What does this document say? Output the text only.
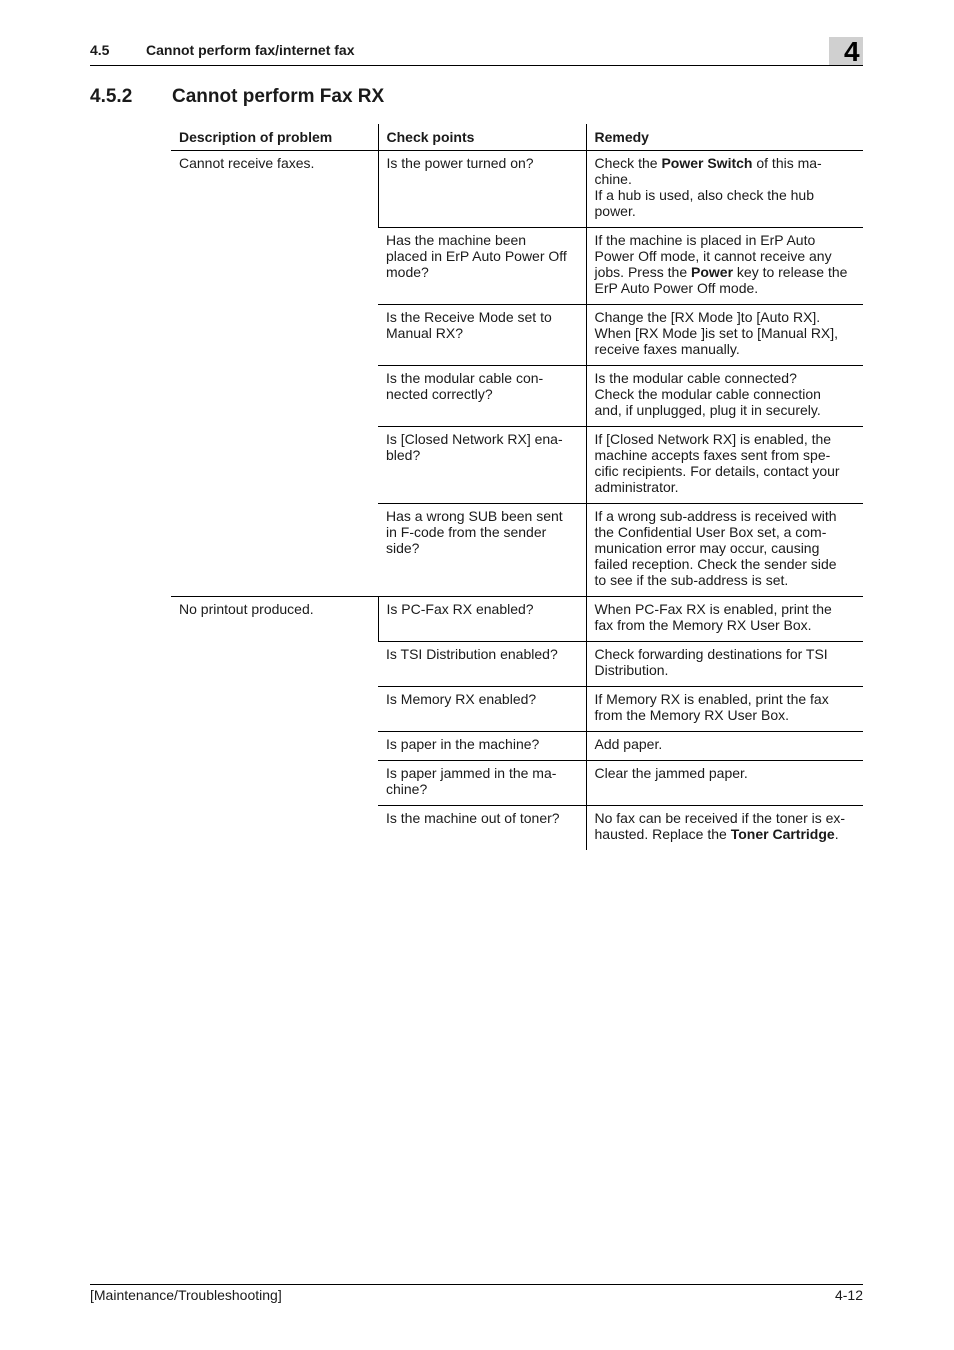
4.5	Cannot perform fax/internet fax	4
4.5.2 Cannot perform Fax RX
Description of problem	Check points	Remedy
Cannot receive faxes.	Is the power turned on?	Check the Power Switch of this ma-
chine.
If a hub is used, also check the hub
power.

	Has the machine been
placed in ErP Auto Power Off
mode?	If the machine is placed in ErP Auto
Power Off mode, it cannot receive any
jobs. Press the Power key to release the
ErP Auto Power Off mode.

	Is the Receive Mode set to
Manual RX?	Change the [RX Mode ]to [Auto RX].
When [RX Mode ]is set to [Manual RX],
receive faxes manually.

	Is the modular cable con-
nected correctly?	Is the modular cable connected?
Check the modular cable connection
and, if unplugged, plug it in securely.

	Is [Closed Network RX] ena-
bled?	If [Closed Network RX] is enabled, the
machine accepts faxes sent from spe-
cific recipients. For details, contact your
administrator.

	Has a wrong SUB been sent
in F-code from the sender
side?	If a wrong sub-address is received with
the Confidential User Box set, a com-
munication error may occur, causing
failed reception. Check the sender side
to see if the sub-address is set.

No printout produced.	Is PC-Fax RX enabled?	When PC-Fax RX is enabled, print the
fax from the Memory RX User Box.

	Is TSI Distribution enabled?	Check forwarding destinations for TSI
Distribution.

	Is Memory RX enabled?	If Memory RX is enabled, print the fax
from the Memory RX User Box.

	Is paper in the machine?	Add paper.

	Is paper jammed in the ma-
chine?	Clear the jammed paper.

	Is the machine out of toner?	No fax can be received if the toner is ex-
hausted. Replace the Toner Cartridge.
[Maintenance/Troubleshooting]	4-12
